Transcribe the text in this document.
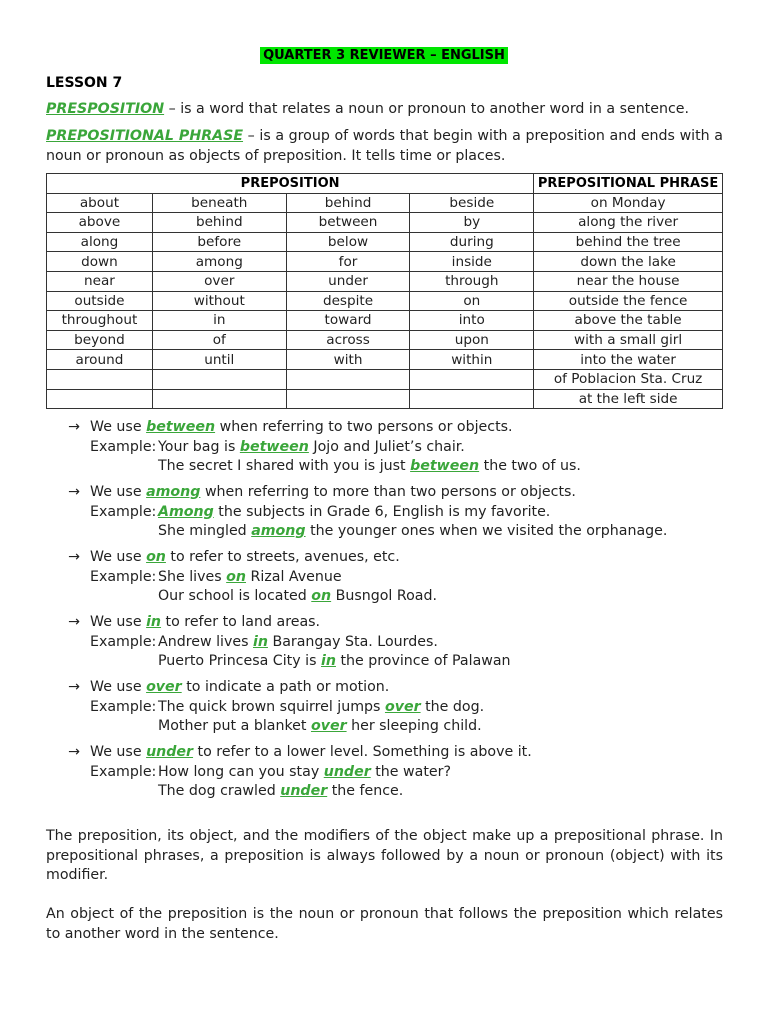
QUARTER 3 REVIEWER – ENGLISH
LESSON 7
PRESPOSITION – is a word that relates a noun or pronoun to another word in a sentence.
PREPOSITIONAL PHRASE – is a group of words that begin with a preposition and ends with a noun or pronoun as objects of preposition. It tells time or places.
PREPOSITION				PREPOSITIONAL PHRASE
about	beneath	behind	beside	on Monday
above	behind	between	by	along the river
along	before	below	during	behind the tree
down	among	for	inside	down the lake
near	over	under	through	near the house
outside	without	despite	on	outside the fence
throughout	in	toward	into	above the table
beyond	of	across	upon	with a small girl
around	until	with	within	into the water
				of Poblacion Sta. Cruz
				at the left side
→ We use between when referring to two persons or objects.
Example: Your bag is between Jojo and Juliet’s chair.
The secret I shared with you is just between the two of us.
→ We use among when referring to more than two persons or objects.
Example: Among the subjects in Grade 6, English is my favorite.
She mingled among the younger ones when we visited the orphanage.
→ We use on to refer to streets, avenues, etc.
Example: She lives on Rizal Avenue
Our school is located on Busngol Road.
→ We use in to refer to land areas.
Example: Andrew lives in Barangay Sta. Lourdes.
Puerto Princesa City is in the province of Palawan
→ We use over to indicate a path or motion.
Example: The quick brown squirrel jumps over the dog.
Mother put a blanket over her sleeping child.
→ We use under to refer to a lower level. Something is above it.
Example: How long can you stay under the water?
The dog crawled under the fence.
The preposition, its object, and the modifiers of the object make up a prepositional phrase. In prepositional phrases, a preposition is always followed by a noun or pronoun (object) with its modifier.
An object of the preposition is the noun or pronoun that follows the preposition which relates to another word in the sentence.
